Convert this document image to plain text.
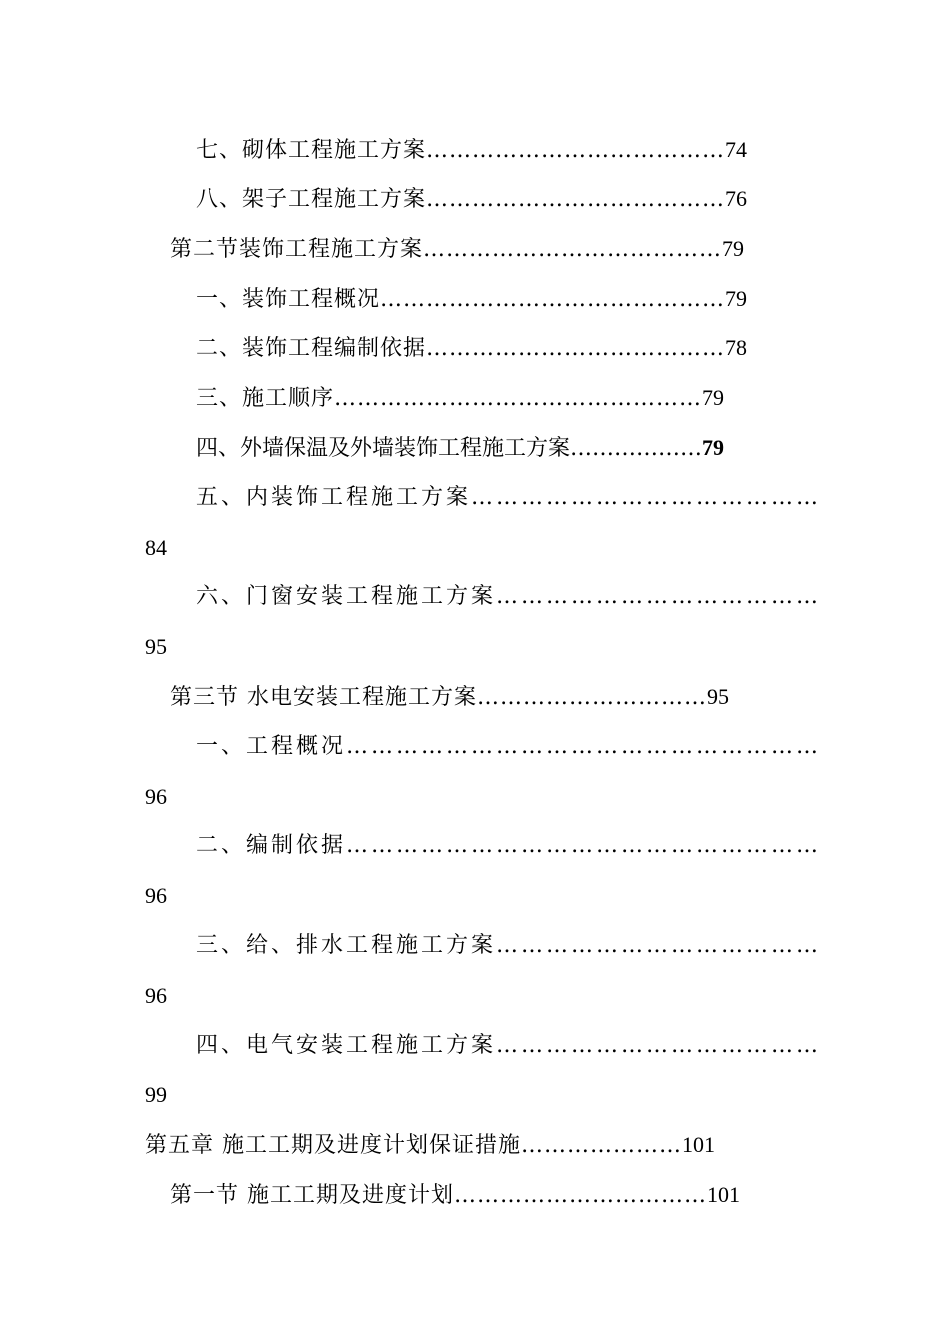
七、砌体工程施工方案…………………………………74
八、架子工程施工方案…………………………………76
第二节装饰工程施工方案…………………………………79
一、装饰工程概况………………………………………79
二、装饰工程编制依据…………………………………78
三、施工顺序…………………………………………79
四、外墙保温及外墙装饰工程施工方案………………79
五、内装饰工程施工方案……………………………………
84
六、门窗安装工程施工方案…………………………………
95
第三节 水电安装工程施工方案…………………………95
一、工程概况…………………………………………………
96
二、编制依据…………………………………………………
96
三、给、排水工程施工方案…………………………………
96
四、电气安装工程施工方案…………………………………
99
第五章 施工工期及进度计划保证措施…………………101
第一节 施工工期及进度计划……………………………101
